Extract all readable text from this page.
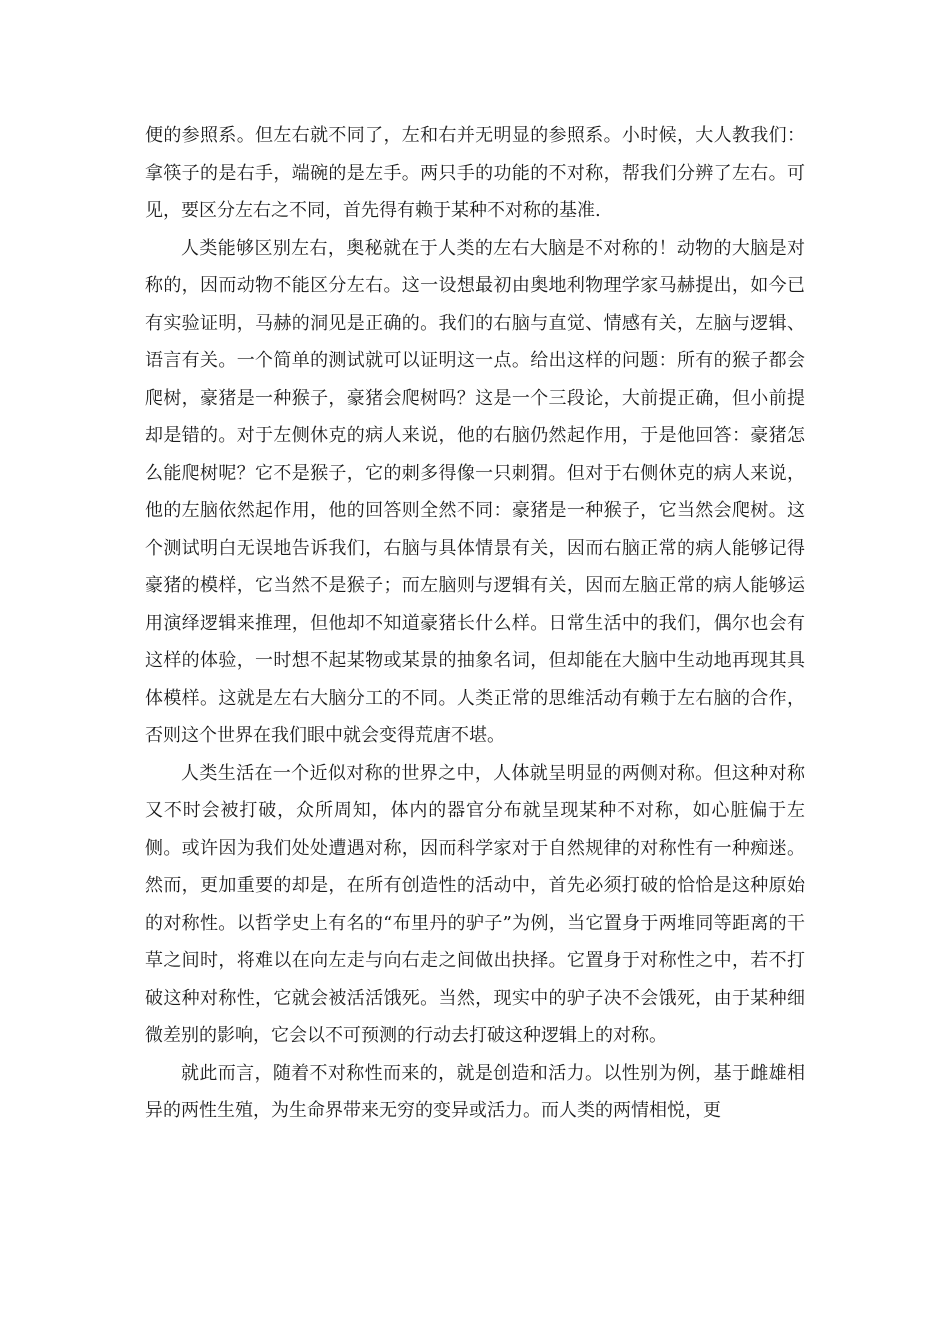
便的参照系。但左右就不同了，左和右并无明显的参照系。小时候，大人教我们：拿筷子的是右手，端碗的是左手。两只手的功能的不对称，帮我们分辨了左右。可见，要区分左右之不同，首先得有赖于某种不对称的基准.

人类能够区别左右，奥秘就在于人类的左右大脑是不对称的！动物的大脑是对称的，因而动物不能区分左右。这一设想最初由奥地利物理学家马赫提出，如今已有实验证明，马赫的洞见是正确的。我们的右脑与直觉、情感有关，左脑与逻辑、语言有关。一个简单的测试就可以证明这一点。给出这样的问题：所有的猴子都会爬树，豪猪是一种猴子，豪猪会爬树吗？这是一个三段论，大前提正确，但小前提却是错的。对于左侧休克的病人来说，他的右脑仍然起作用，于是他回答：豪猪怎么能爬树呢？它不是猴子，它的刺多得像一只刺猬。但对于右侧休克的病人来说，他的左脑依然起作用，他的回答则全然不同：豪猪是一种猴子，它当然会爬树。这个测试明白无误地告诉我们，右脑与具体情景有关，因而右脑正常的病人能够记得豪猪的模样，它当然不是猴子；而左脑则与逻辑有关，因而左脑正常的病人能够运用演绎逻辑来推理，但他却不知道豪猪长什么样。日常生活中的我们，偶尔也会有这样的体验，一时想不起某物或某景的抽象名词，但却能在大脑中生动地再现其具体模样。这就是左右大脑分工的不同。人类正常的思维活动有赖于左右脑的合作，否则这个世界在我们眼中就会变得荒唐不堪。

人类生活在一个近似对称的世界之中，人体就呈明显的两侧对称。但这种对称又不时会被打破，众所周知，体内的器官分布就呈现某种不对称，如心脏偏于左侧。或许因为我们处处遭遇对称，因而科学家对于自然规律的对称性有一种痴迷。然而，更加重要的却是，在所有创造性的活动中，首先必须打破的恰恰是这种原始的对称性。以哲学史上有名的“布里丹的驴子”为例，当它置身于两堆同等距离的干草之间时，将难以在向左走与向右走之间做出抉择。它置身于对称性之中，若不打破这种对称性，它就会被活活饿死。当然，现实中的驴子决不会饿死，由于某种细微差别的影响，它会以不可预测的行动去打破这种逻辑上的对称。

就此而言，随着不对称性而来的，就是创造和活力。以性别为例，基于雌雄相异的两性生殖，为生命界带来无穷的变异或活力。而人类的两情相悦，更
